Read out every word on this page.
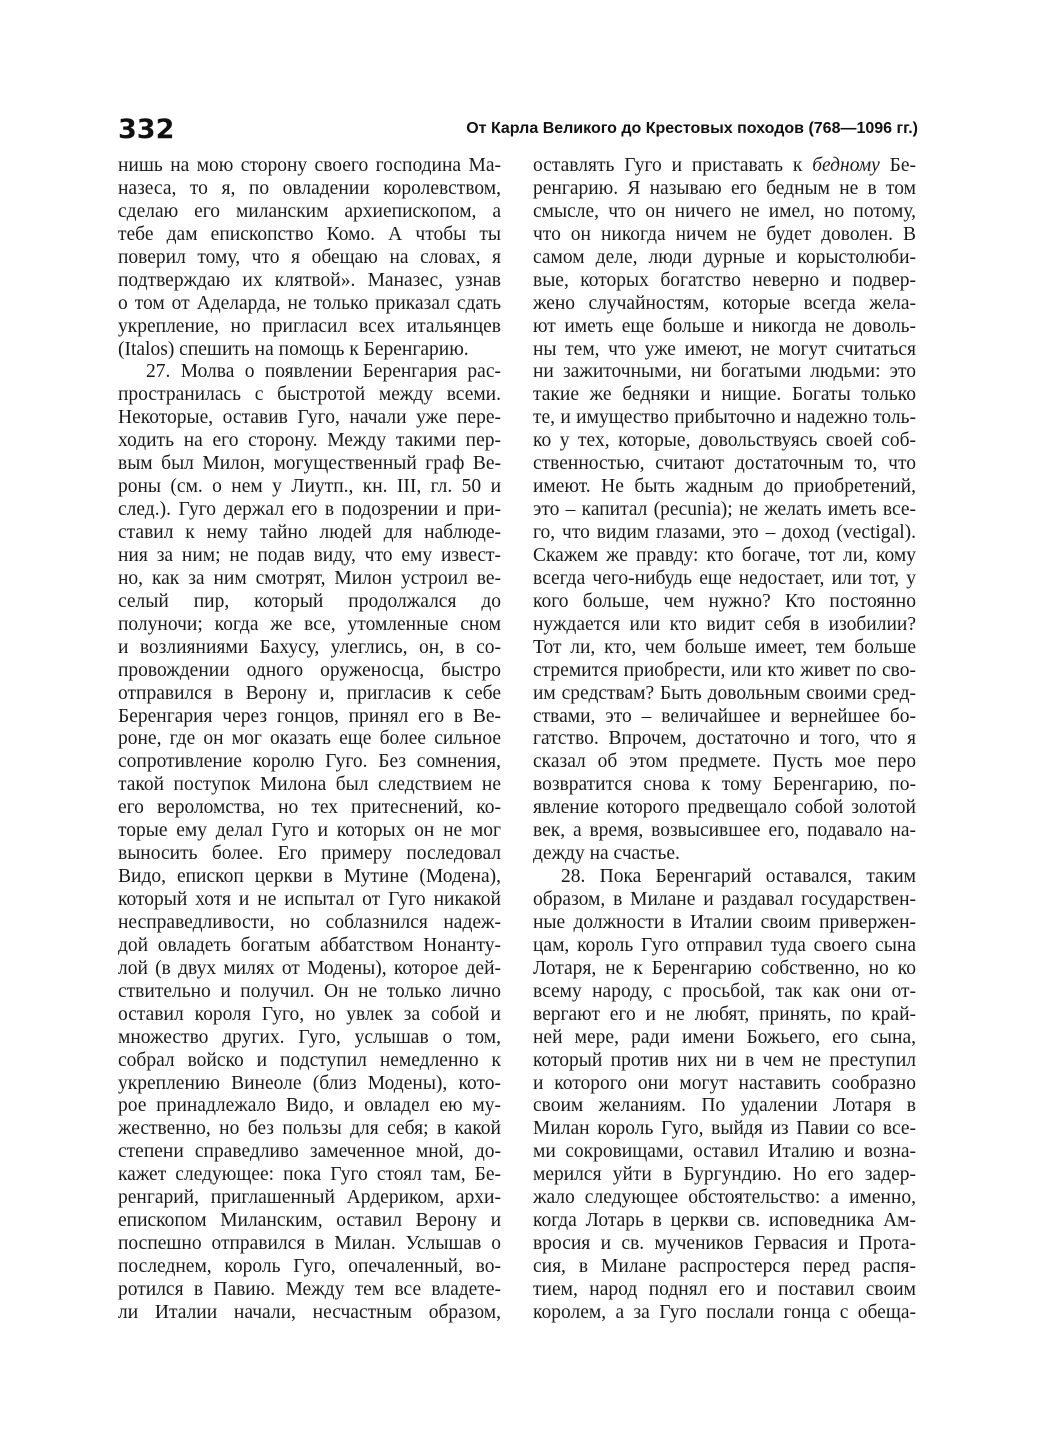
332	От Карла Великого до Крестовых походов (768—1096 гг.)
нишь на мою сторону своего господина Ма-
назеса, то я, по овладении королевством,
сделаю его миланским архиепископом, а
тебе дам епископство Комо. А чтобы ты
поверил тому, что я обещаю на словах, я
подтверждаю их клятвой». Маназес, узнав
о том от Аделарда, не только приказал сдать
укрепление, но пригласил всех итальянцев
(Italos) спешить на помощь к Беренгарию.
27. Молва о появлении Беренгария рас-
пространилась с быстротой между всеми.
Некоторые, оставив Гуго, начали уже пере-
ходить на его сторону. Между такими пер-
вым был Милон, могущественный граф Ве-
роны (см. о нем у Лиутп., кн. III, гл. 50 и
след.). Гуго держал его в подозрении и при-
ставил к нему тайно людей для наблюде-
ния за ним; не подав виду, что ему извест-
но, как за ним смотрят, Милон устроил ве-
селый пир, который продолжался до
полуночи; когда же все, утомленные сном
и возлияниями Бахусу, улеглись, он, в со-
провождении одного оруженосца, быстро
отправился в Верону и, пригласив к себе
Беренгария через гонцов, принял его в Ве-
роне, где он мог оказать еще более сильное
сопротивление королю Гуго. Без сомнения,
такой поступок Милона был следствием не
его вероломства, но тех притеснений, ко-
торые ему делал Гуго и которых он не мог
выносить более. Его примеру последовал
Видо, епископ церкви в Мутине (Модена),
который хотя и не испытал от Гуго никакой
несправедливости, но соблазнился надеж-
дой овладеть богатым аббатством Нонанту-
лой (в двух милях от Модены), которое дей-
ствительно и получил. Он не только лично
оставил короля Гуго, но увлек за собой и
множество других. Гуго, услышав о том,
собрал войско и подступил немедленно к
укреплению Винеоле (близ Модены), кото-
рое принадлежало Видо, и овладел ею му-
жественно, но без пользы для себя; в какой
степени справедливо замеченное мной, до-
кажет следующее: пока Гуго стоял там, Бе-
ренгарий, приглашенный Ардериком, архи-
епископом Миланским, оставил Верону и
поспешно отправился в Милан. Услышав о
последнем, король Гуго, опечаленный, во-
ротился в Павию. Между тем все владете-
ли Италии начали, несчастным образом,
оставлять Гуго и приставать к бедному Бе-
ренгарию. Я называю его бедным не в том
смысле, что он ничего не имел, но потому,
что он никогда ничем не будет доволен. В
самом деле, люди дурные и корыстолюби-
вые, которых богатство неверно и подвер-
жено случайностям, которые всегда жела-
ют иметь еще больше и никогда не доволь-
ны тем, что уже имеют, не могут считаться
ни зажиточными, ни богатыми людьми: это
такие же бедняки и нищие. Богаты только
те, и имущество прибыточно и надежно толь-
ко у тех, которые, довольствуясь своей соб-
ственностью, считают достаточным то, что
имеют. Не быть жадным до приобретений,
это – капитал (pecunia); не желать иметь все-
го, что видим глазами, это – доход (vectigal).
Скажем же правду: кто богаче, тот ли, кому
всегда чего-нибудь еще недостает, или тот, у
кого больше, чем нужно? Кто постоянно
нуждается или кто видит себя в изобилии?
Тот ли, кто, чем больше имеет, тем больше
стремится приобрести, или кто живет по сво-
им средствам? Быть довольным своими сред-
ствами, это – величайшее и вернейшее бо-
гатство. Впрочем, достаточно и того, что я
сказал об этом предмете. Пусть мое перо
возвратится снова к тому Беренгарию, по-
явление которого предвещало собой золотой
век, а время, возвысившее его, подавало на-
дежду на счастье.
28. Пока Беренгарий оставался, таким
образом, в Милане и раздавал государствен-
ные должности в Италии своим привержен-
цам, король Гуго отправил туда своего сына
Лотаря, не к Беренгарию собственно, но ко
всему народу, с просьбой, так как они от-
вергают его и не любят, принять, по край-
ней мере, ради имени Божьего, его сына,
который против них ни в чем не преступил
и которого они могут наставить сообразно
своим желаниям. По удалении Лотаря в
Милан король Гуго, выйдя из Павии со все-
ми сокровищами, оставил Италию и возна-
мерился уйти в Бургундию. Но его задер-
жало следующее обстоятельство: а именно,
когда Лотарь в церкви св. исповедника Ам-
вросия и св. мучеников Гервасия и Прота-
сия, в Милане распростерся перед распя-
тием, народ поднял его и поставил своим
королем, а за Гуго послали гонца с обеща-
